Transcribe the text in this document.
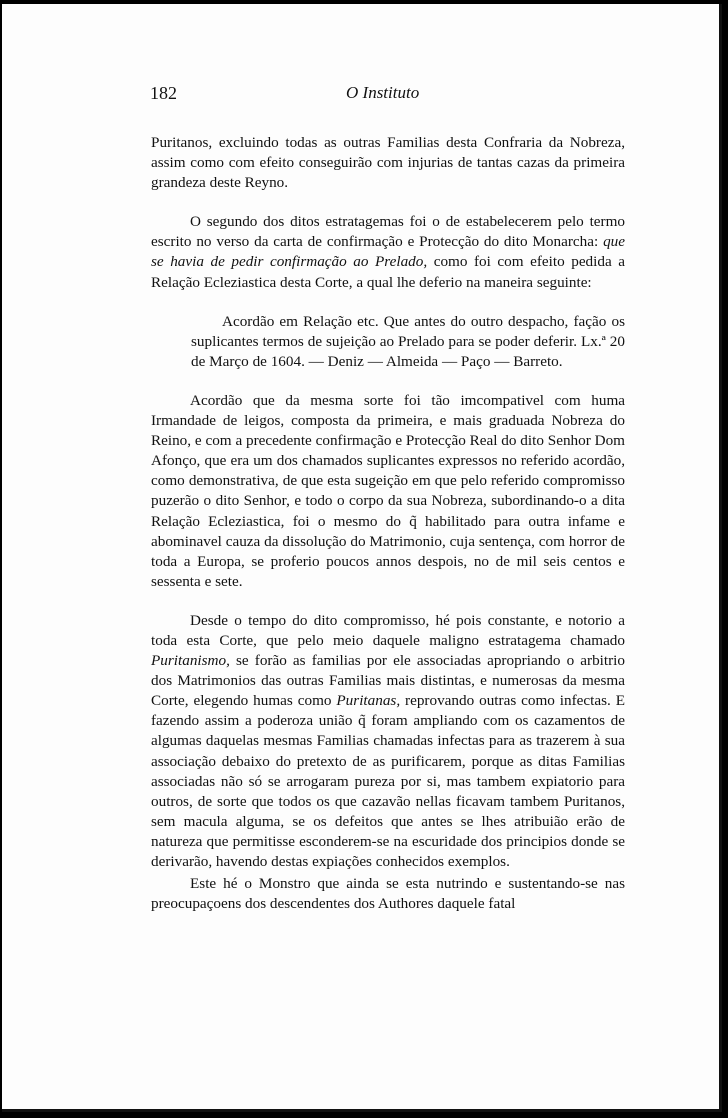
182	O Instituto

Puritanos, excluindo todas as outras Familias desta Confraria da Nobreza, assim como com efeito conseguirão com injurias de tantas cazas da primeira grandeza deste Reyno.

O segundo dos ditos estratagemas foi o de estabelecerem pelo termo escrito no verso da carta de confirmação e Protecção do dito Monarcha: que se havia de pedir confirmação ao Prelado, como foi com efeito pedida a Relação Ecleziastica desta Corte, a qual lhe deferio na maneira seguinte:

Acordão em Relação etc. Que antes do outro despacho, fação os suplicantes termos de sujeição ao Prelado para se poder deferir. Lx.ª 20 de Março de 1604. — Deniz — Almeida — Paço — Barreto.

Acordão que da mesma sorte foi tão imcompativel com huma Irmandade de leigos, composta da primeira, e mais graduada Nobreza do Reino, e com a precedente confirmação e Protecção Real do dito Senhor Dom Afonço, que era um dos chamados suplicantes expressos no referido acordão, como demonstrativa, de que esta sugeição em que pelo referido compromisso puzerão o dito Senhor, e todo o corpo da sua Nobreza, subordinando-o a dita Relação Ecleziastica, foi o mesmo do q̃ habilitado para outra infame e abominavel cauza da dissolução do Matrimonio, cuja sentença, com horror de toda a Europa, se proferio poucos annos despois, no de mil seis centos e sessenta e sete.

Desde o tempo do dito compromisso, hé pois constante, e notorio a toda esta Corte, que pelo meio daquele maligno estratagema chamado Puritanismo, se forão as familias por ele associadas apropriando o arbitrio dos Matrimonios das outras Familias mais distintas, e numerosas da mesma Corte, elegendo humas como Puritanas, reprovando outras como infectas. E fazendo assim a poderoza união q̃ foram ampliando com os cazamentos de algumas daquelas mesmas Familias chamadas infectas para as trazerem à sua associação debaixo do pretexto de as purificarem, porque as ditas Familias associadas não só se arrogaram pureza por si, mas tambem expiatorio para outros, de sorte que todos os que cazavão nellas ficavam tambem Puritanos, sem macula alguma, se os defeitos que antes se lhes atribuião erão de natureza que permitisse esconderem-se na escuridade dos principios donde se derivarão, havendo destas expiações conhecidos exemplos.

Este hé o Monstro que ainda se esta nutrindo e sustentando-se nas preocupaçoens dos descendentes dos Authores daquele fatal
